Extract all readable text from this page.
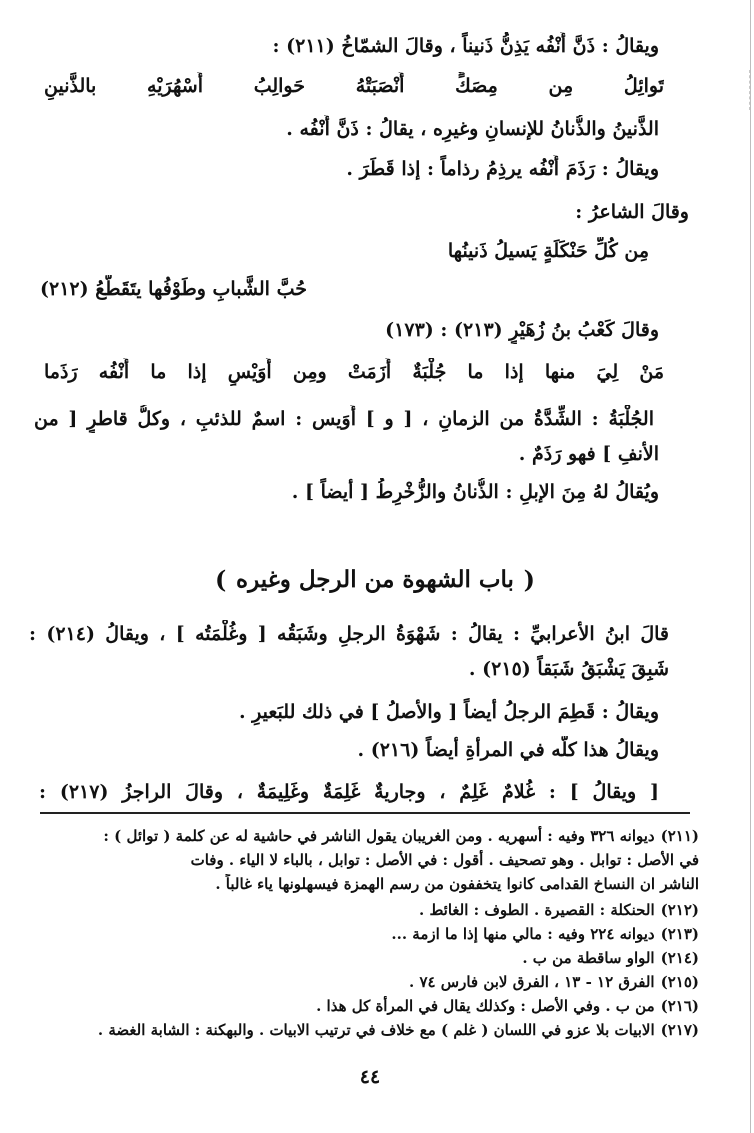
ويقالُ : ذَنَّ أَنْفُه يَذِنُّ ذَنيناً ، وقالَ الشمّاخُ (٢١١) :
تَوائِلُ مِن مِصَكٍّ أَنْصَبَتْهُ حَوالِبُ أَسْهُرَيْهِ بالذَّنينِ
الذَّنينُ والذُّنانُ للإنسانِ وغيرِه ، يقالُ : ذَنَّ أَنْفُه .
ويقالُ : رَذَمَ أَنْفُه يرذِمُ رذاماً : إذا قَطَرَ .
وقالَ الشاعرُ :
مِن كُلِّ حَنْكَلَةٍ يَسيلُ ذَنينُها
حُبَّ الشَّبابِ وطَوْفُها يتَقَطَّعُ (٢١٢)
وقالَ كَعْبُ بنُ زُهَيْرٍ (٢١٣) : (١٧٣)
مَنْ لِيَ منها إذا ما جُلْبَةٌ أَزَمَتْ ومِن أُوَيْسٍ إذا ما أَنْفُه رَذَما
الجُلْبَةُ : الشِّدَّةُ من الزمانِ ، [ و ] أُوَيس : اسمٌ للذئبِ ، وكلُّ قاطرٍ [ من
الأنفِ ] فهو رَذَمٌ .
ويُقالُ لهُ مِنَ الإبلِ : الذُّنانُ والزُّخْرِطُ [ أيضاً ] .
(
باب الشهوة من الرجل وغيره
)
قالَ ابنُ الأعرابيِّ : يقالُ : شَهْوَةُ الرجلِ وشَبَقُه [ وغُلْمَتُه ] ، ويقالُ (٢١٤) :
شَبِقَ يَشْبَقُ شَبَقاً (٢١٥) .
ويقالُ : قَطِمَ الرجلُ أيضاً [ والأصلُ ] في ذلك للبَعيرِ .
ويقالُ هذا كلُّه في المرأةِ أيضاً (٢١٦) .
[ ويقالُ ] : غُلامٌ غَلِمٌ ، وجاريةٌ غَلِمَةٌ وغَلِيمَةٌ ، وقالَ الراجزُ (٢١٧) :
(٢١١)ديوانه ٣٢٦ وفيه : أسهريه . ومن الغريبان يقول الناشر في حاشية له عن كلمة ( توائل ) :
في الأصل : توابل . وهو تصحيف . أقول : في الأصل : توابل ، بالباء لا الياء . وفات
الناشر ان النساخ القدامى كانوا يتخففون من رسم الهمزة فيسهلونها ياء غالباً .
(٢١٢)الحنكلة : القصيرة . الطوف : الغائط .
(٢١٣)ديوانه ٢٢٤ وفيه : مالي منها إذا ما ازمة ...
(٢١٤)الواو ساقطة من ب .
(٢١٥)الفرق ١٢ - ١٣ ، الفرق لابن فارس ٧٤ .
(٢١٦)من ب . وفي الأصل : وكذلك يقال في المرأة كل هذا .
(٢١٧)الابيات بلا عزو في اللسان ( غلم ) مع خلاف في ترتيب الابيات . والبهكنة : الشابة الغضة .
٤٤
